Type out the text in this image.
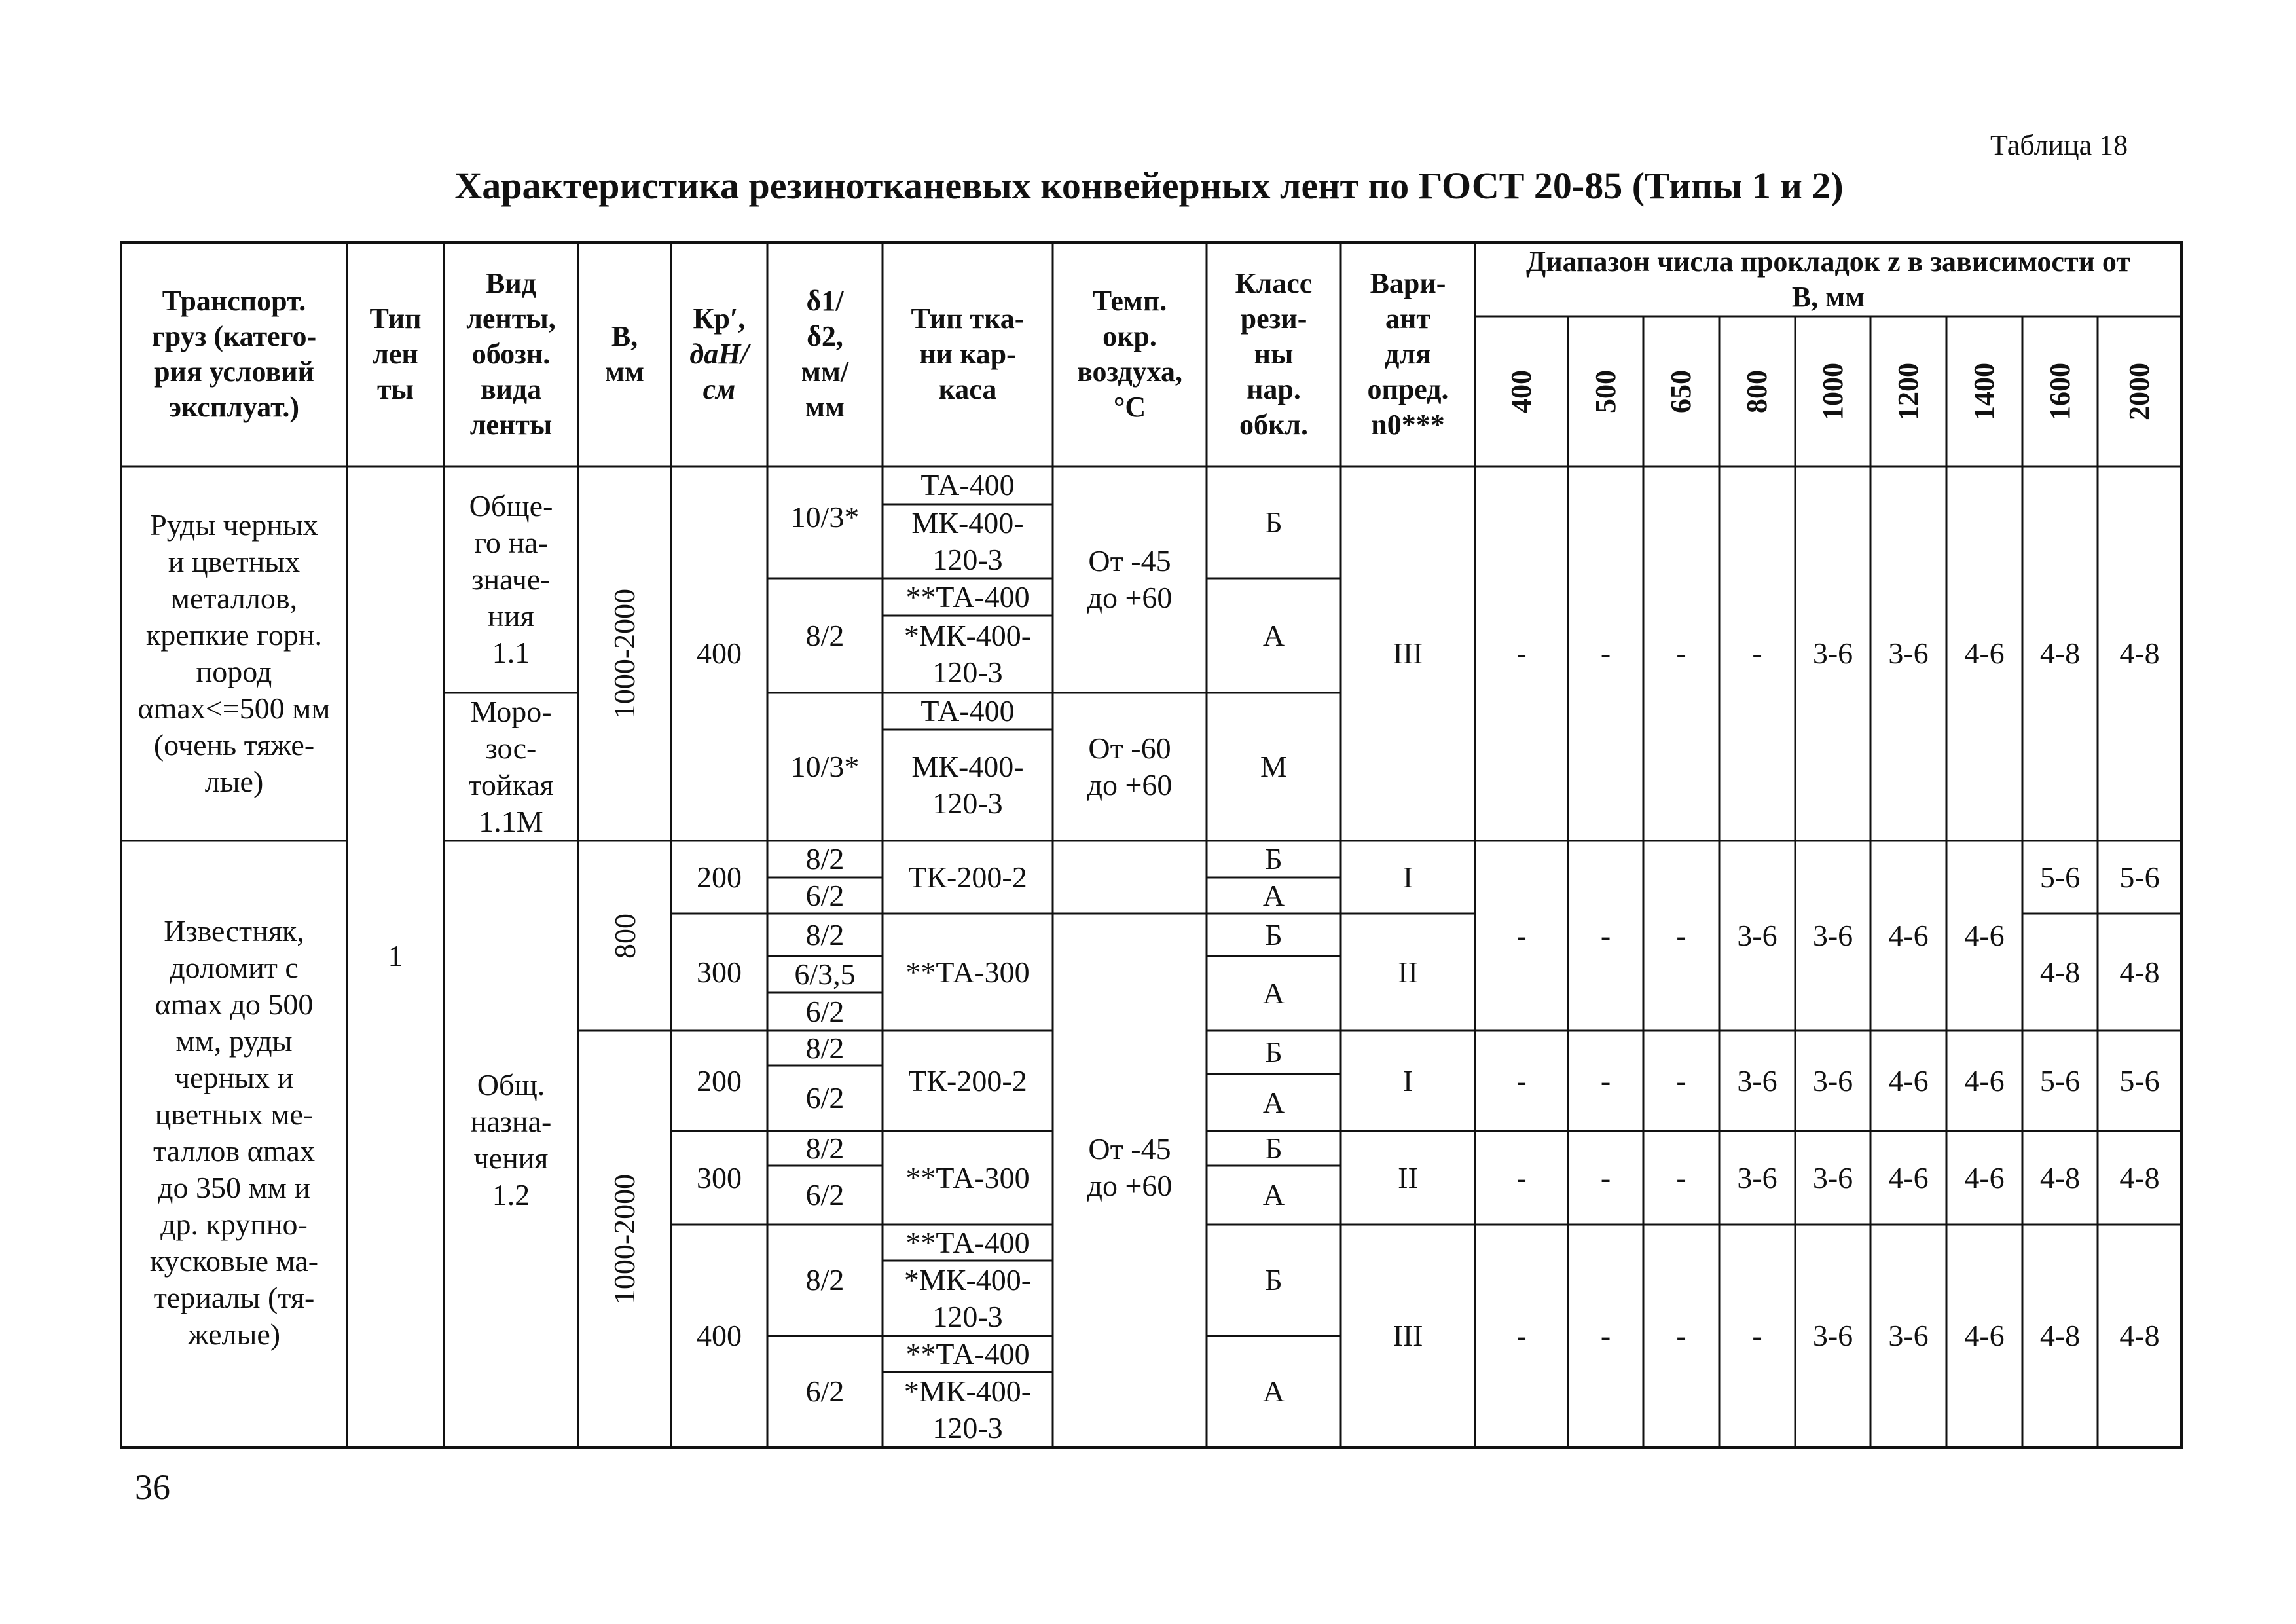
Таблица 18
Характеристика резинотканевых конвейерных лент по ГОСТ 20-85 (Типы 1 и 2)
Транспорт.
груз (катего-
рия условий
эксплуат.)
Тип
лен
ты
Вид
ленты,
обозн.
вида
ленты
B,
мм
Кр′,
даН/
см
δ1/
δ2,
мм/
мм
Тип тка-
ни кар-
каса
Темп.
окр.
воздуха,
°С
Класс
рези-
ны
нар.
обкл.
Вари-
ант
для
опред.
n0***
Диапазон числа прокладок z в зависимости от
B, мм
400 500 650 800 1000 1200 1400 1600 2000
Руды черных
и цветных
металлов,
крепкие горн.
пород
αmax<=500 мм
(очень тяже-
лые)
Известняк,
доломит с
αmax до 500
мм, руды
черных и
цветных ме-
таллов αmax
до 350 мм и
др. крупно-
кусковые ма-
териалы (тя-
желые)
1
Обще-
го на-
значе-
ния
1.1
Моро-
зос-
тойкая
1.1М
Общ.
назна-
чения
1.2
1000-2000
800
1000-2000
400
200
300
200
300
400
10/3*
8/2
10/3*
8/2
6/2
8/2
6/3,5
6/2
8/2
6/2
8/2
6/2
8/2
6/2
ТА-400
МК-400-
120-3
**ТА-400
*МК-400-
120-3
ТА-400
МК-400-
120-3
ТК-200-2
**ТА-300
ТК-200-2
**ТА-300
**ТА-400
*МК-400-
120-3
**ТА-400
*МК-400-
120-3
От -45
до +60
От -60
до +60
От -45
до +60
Б
А
М
Б
А
Б
А
Б
А
Б
А
Б
А
III
I
II
I
II
III
- - - - 3-6 3-6 4-6 4-8 4-8
- - - 3-6 3-6 4-6 4-6
5-6
4-8
5-6
4-8
- - - 3-6 3-6 4-6 4-6 5-6 5-6
- - - 3-6 3-6 4-6 4-6 4-8 4-8
- - - - 3-6 3-6 4-6 4-8 4-8
36
